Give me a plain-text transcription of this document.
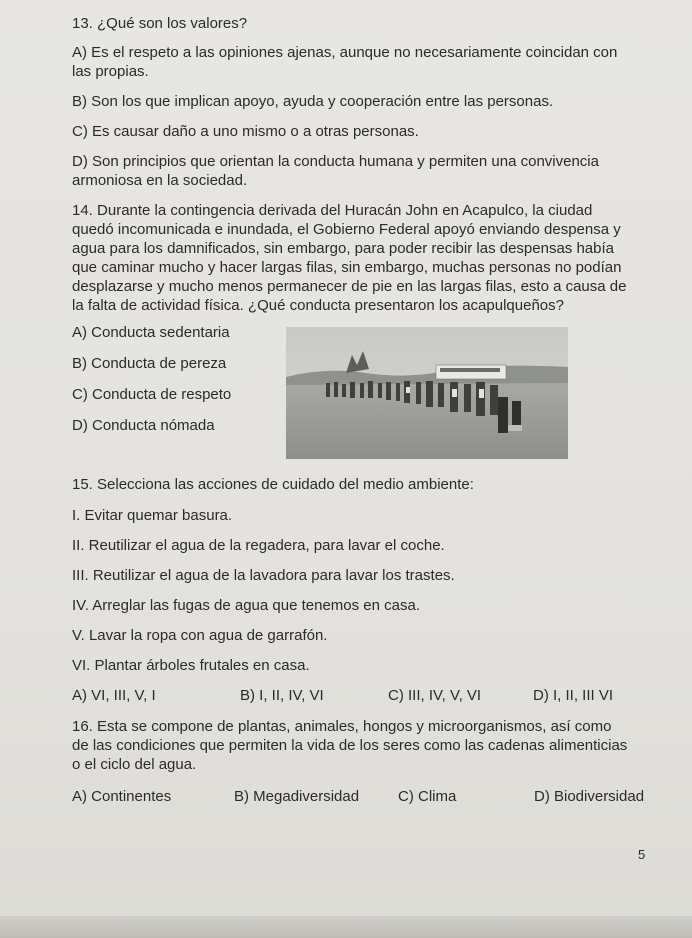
13. ¿Qué son los valores?

A) Es el respeto a las opiniones ajenas, aunque no necesariamente coincidan con

las propias.

B) Son los que implican apoyo, ayuda y cooperación entre las personas.

C) Es causar daño a uno mismo o a otras personas.

D) Son principios que orientan la conducta humana y permiten una convivencia

armoniosa en la sociedad.

14. Durante la contingencia derivada del Huracán John en Acapulco, la ciudad

quedó incomunicada e inundada, el Gobierno Federal apoyó enviando despensa y

agua para los damnificados, sin embargo, para poder recibir las despensas había

que caminar mucho y hacer largas filas, sin embargo, muchas personas no podían

desplazarse y mucho menos permanecer de pie en las largas filas, esto a causa de

la falta de actividad física. ¿Qué conducta presentaron los acapulqueños?

A) Conducta sedentaria

B) Conducta de pereza

C) Conducta de respeto

D) Conducta nómada

15. Selecciona las acciones de cuidado del medio ambiente:

I. Evitar quemar basura.

II. Reutilizar el agua de la regadera, para lavar el coche.

III. Reutilizar el agua de la lavadora para lavar los trastes.

IV. Arreglar las fugas de agua que tenemos en casa.

V. Lavar la ropa con agua de garrafón.

VI. Plantar árboles frutales en casa.

A) VI, III, V, I	B) I, II, IV, VI	C) III, IV, V, VI	D) I, II, III VI

16. Esta se compone de plantas, animales, hongos y microorganismos, así como

de las condiciones que permiten la vida de los seres como las cadenas alimenticias

o el ciclo del agua.

A) Continentes	B) Megadiversidad	C) Clima	D) Biodiversidad
5
